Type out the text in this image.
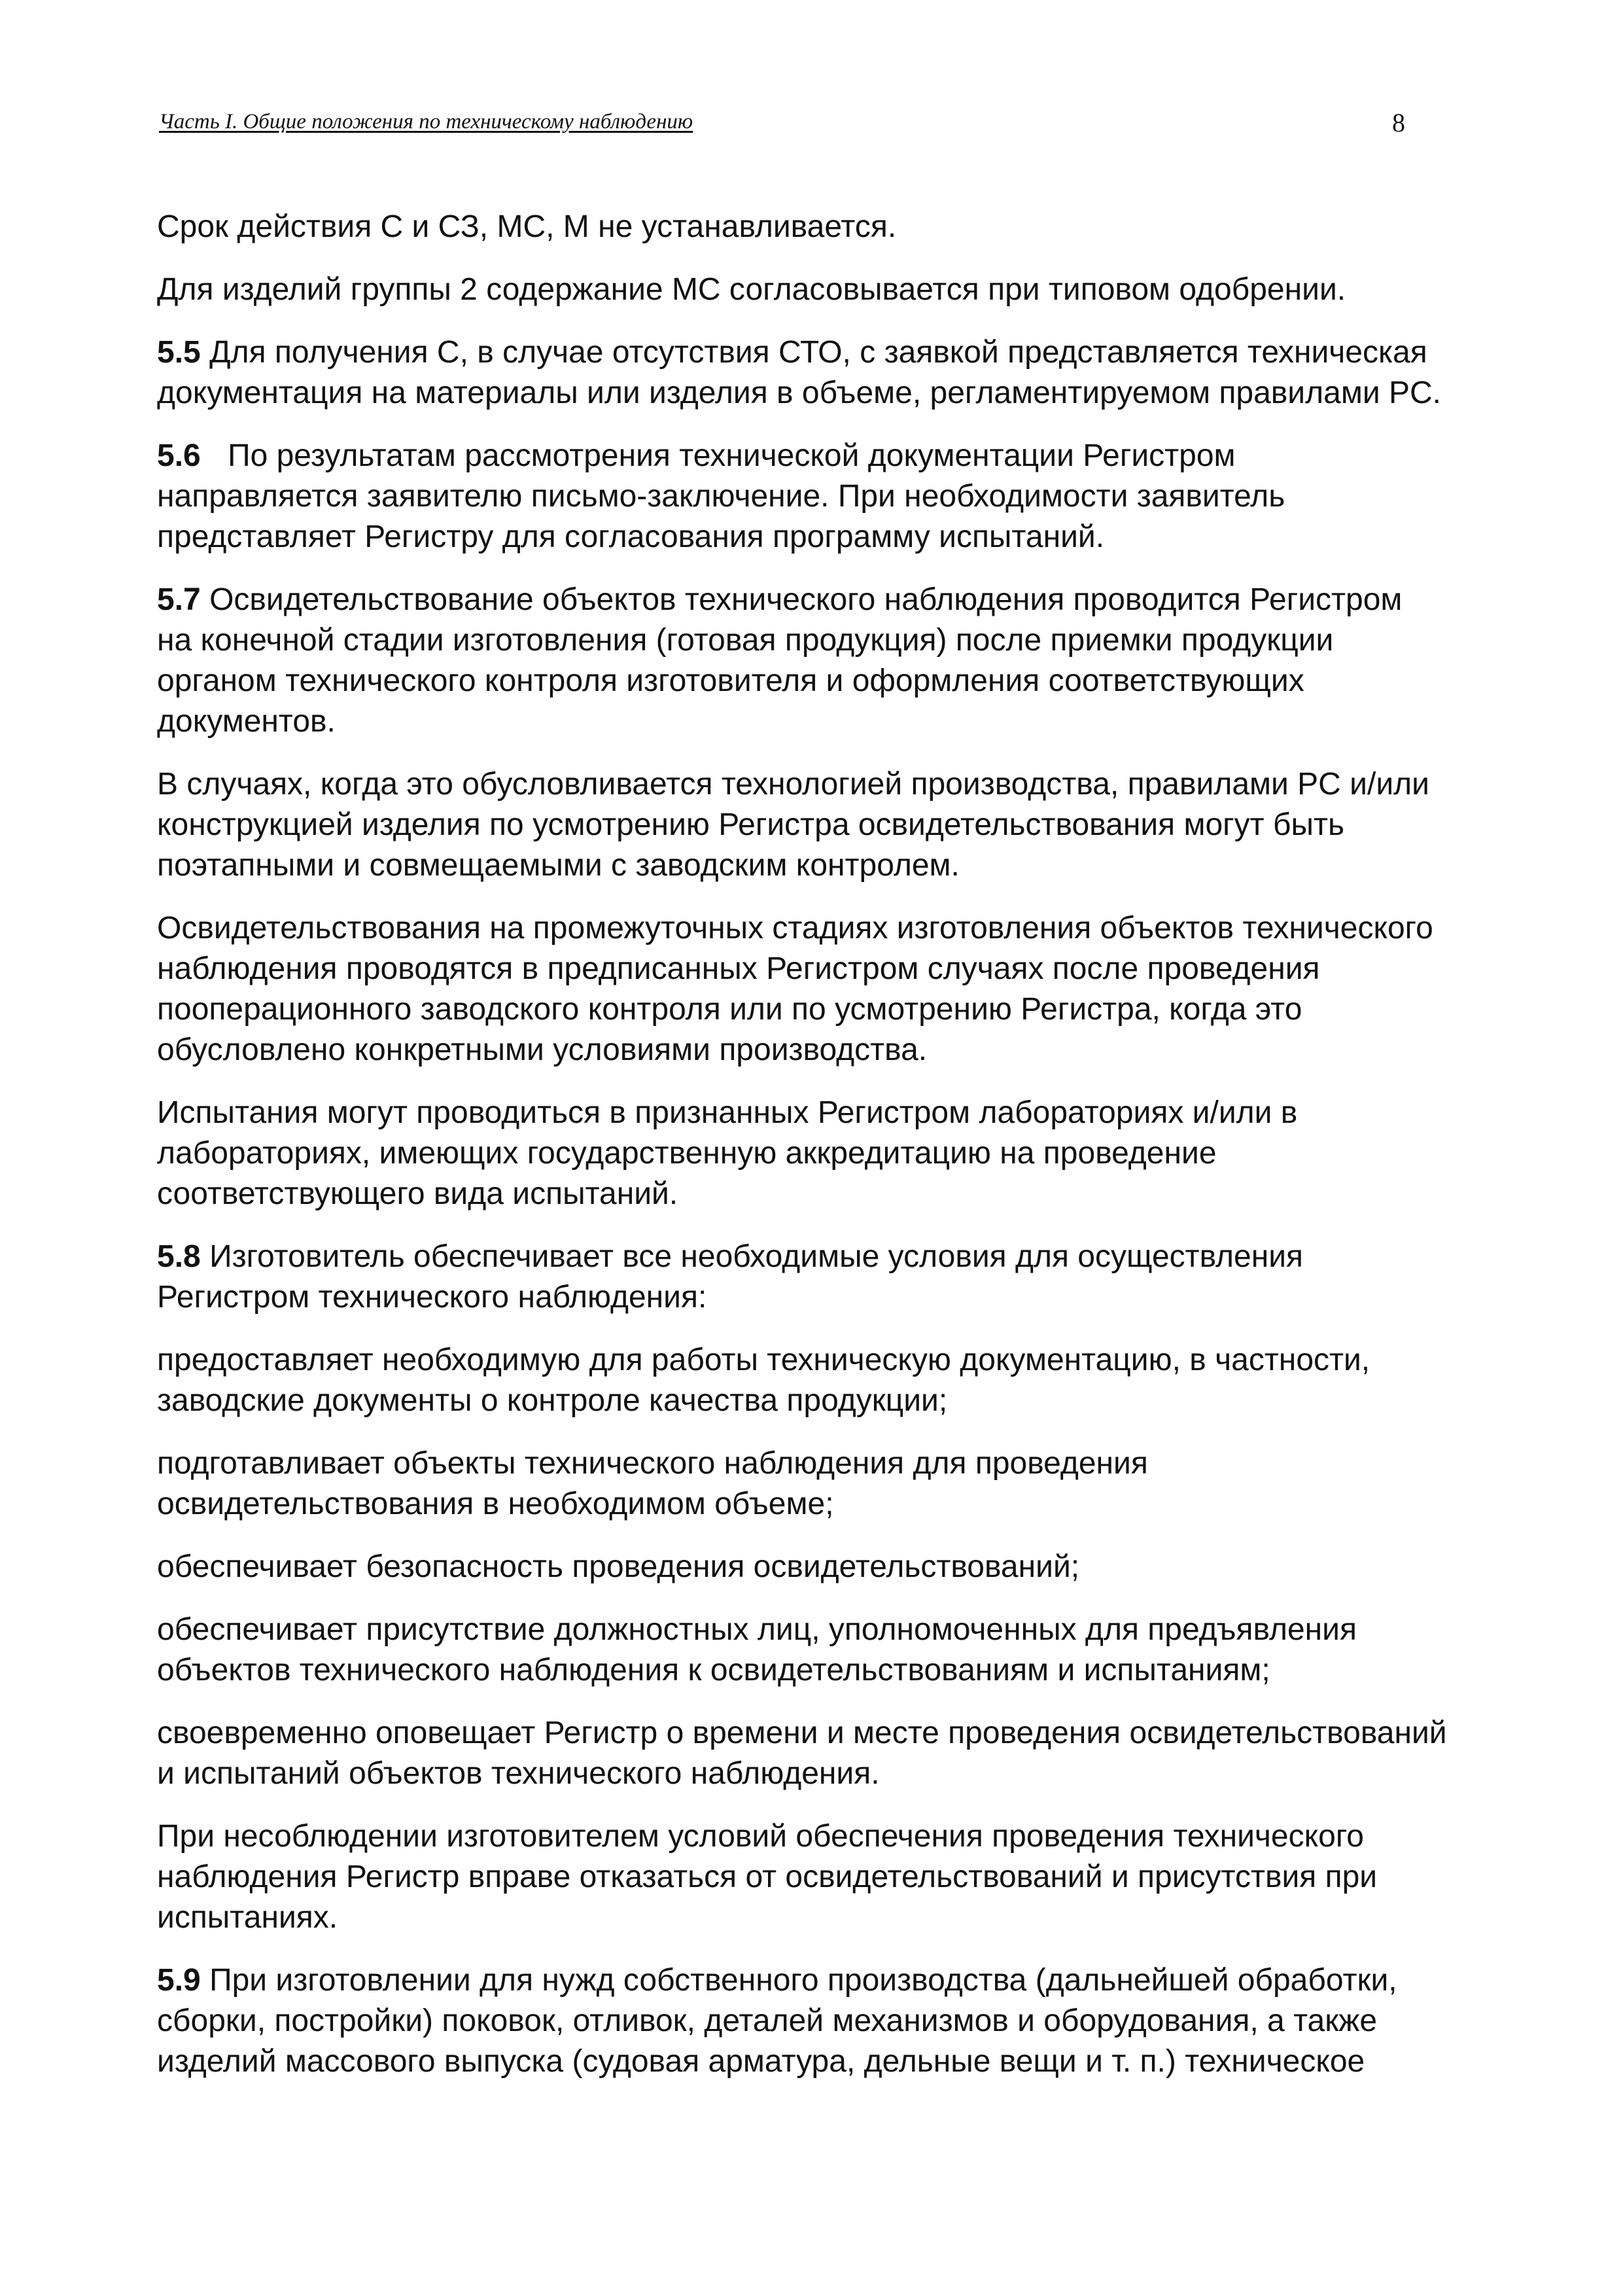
Часть I. Общие положения по техническому наблюдению	8

Срок действия С и СЗ, МС, М не устанавливается.

Для изделий группы 2 содержание МС согласовывается при типовом одобрении.

5.5 Для получения С, в случае отсутствия СТО, с заявкой представляется техническая
документация на материалы или изделия в объеме, регламентируемом правилами PC.

5.6 По результатам рассмотрения технической документации Регистром
направляется заявителю письмо-заключение. При необходимости заявитель
представляет Регистру для согласования программу испытаний.

5.7 Освидетельствование объектов технического наблюдения проводится Регистром
на конечной стадии изготовления (готовая продукция) после приемки продукции
органом технического контроля изготовителя и оформления соответствующих
документов.

В случаях, когда это обусловливается технологией производства, правилами PC и/или
конструкцией изделия по усмотрению Регистра освидетельствования могут быть
поэтапными и совмещаемыми с заводским контролем.

Освидетельствования на промежуточных стадиях изготовления объектов технического
наблюдения проводятся в предписанных Регистром случаях после проведения
пооперационного заводского контроля или по усмотрению Регистра, когда это
обусловлено конкретными условиями производства.

Испытания могут проводиться в признанных Регистром лабораториях и/или в
лабораториях, имеющих государственную аккредитацию на проведение
соответствующего вида испытаний.

5.8 Изготовитель обеспечивает все необходимые условия для осуществления
Регистром технического наблюдения:

предоставляет необходимую для работы техническую документацию, в частности,
заводские документы о контроле качества продукции;

подготавливает объекты технического наблюдения для проведения
освидетельствования в необходимом объеме;

обеспечивает безопасность проведения освидетельствований;

обеспечивает присутствие должностных лиц, уполномоченных для предъявления
объектов технического наблюдения к освидетельствованиям и испытаниям;

своевременно оповещает Регистр о времени и месте проведения освидетельствований
и испытаний объектов технического наблюдения.

При несоблюдении изготовителем условий обеспечения проведения технического
наблюдения Регистр вправе отказаться от освидетельствований и присутствия при
испытаниях.

5.9 При изготовлении для нужд собственного производства (дальнейшей обработки,
сборки, постройки) поковок, отливок, деталей механизмов и оборудования, а также
изделий массового выпуска (судовая арматура, дельные вещи и т. п.) техническое
